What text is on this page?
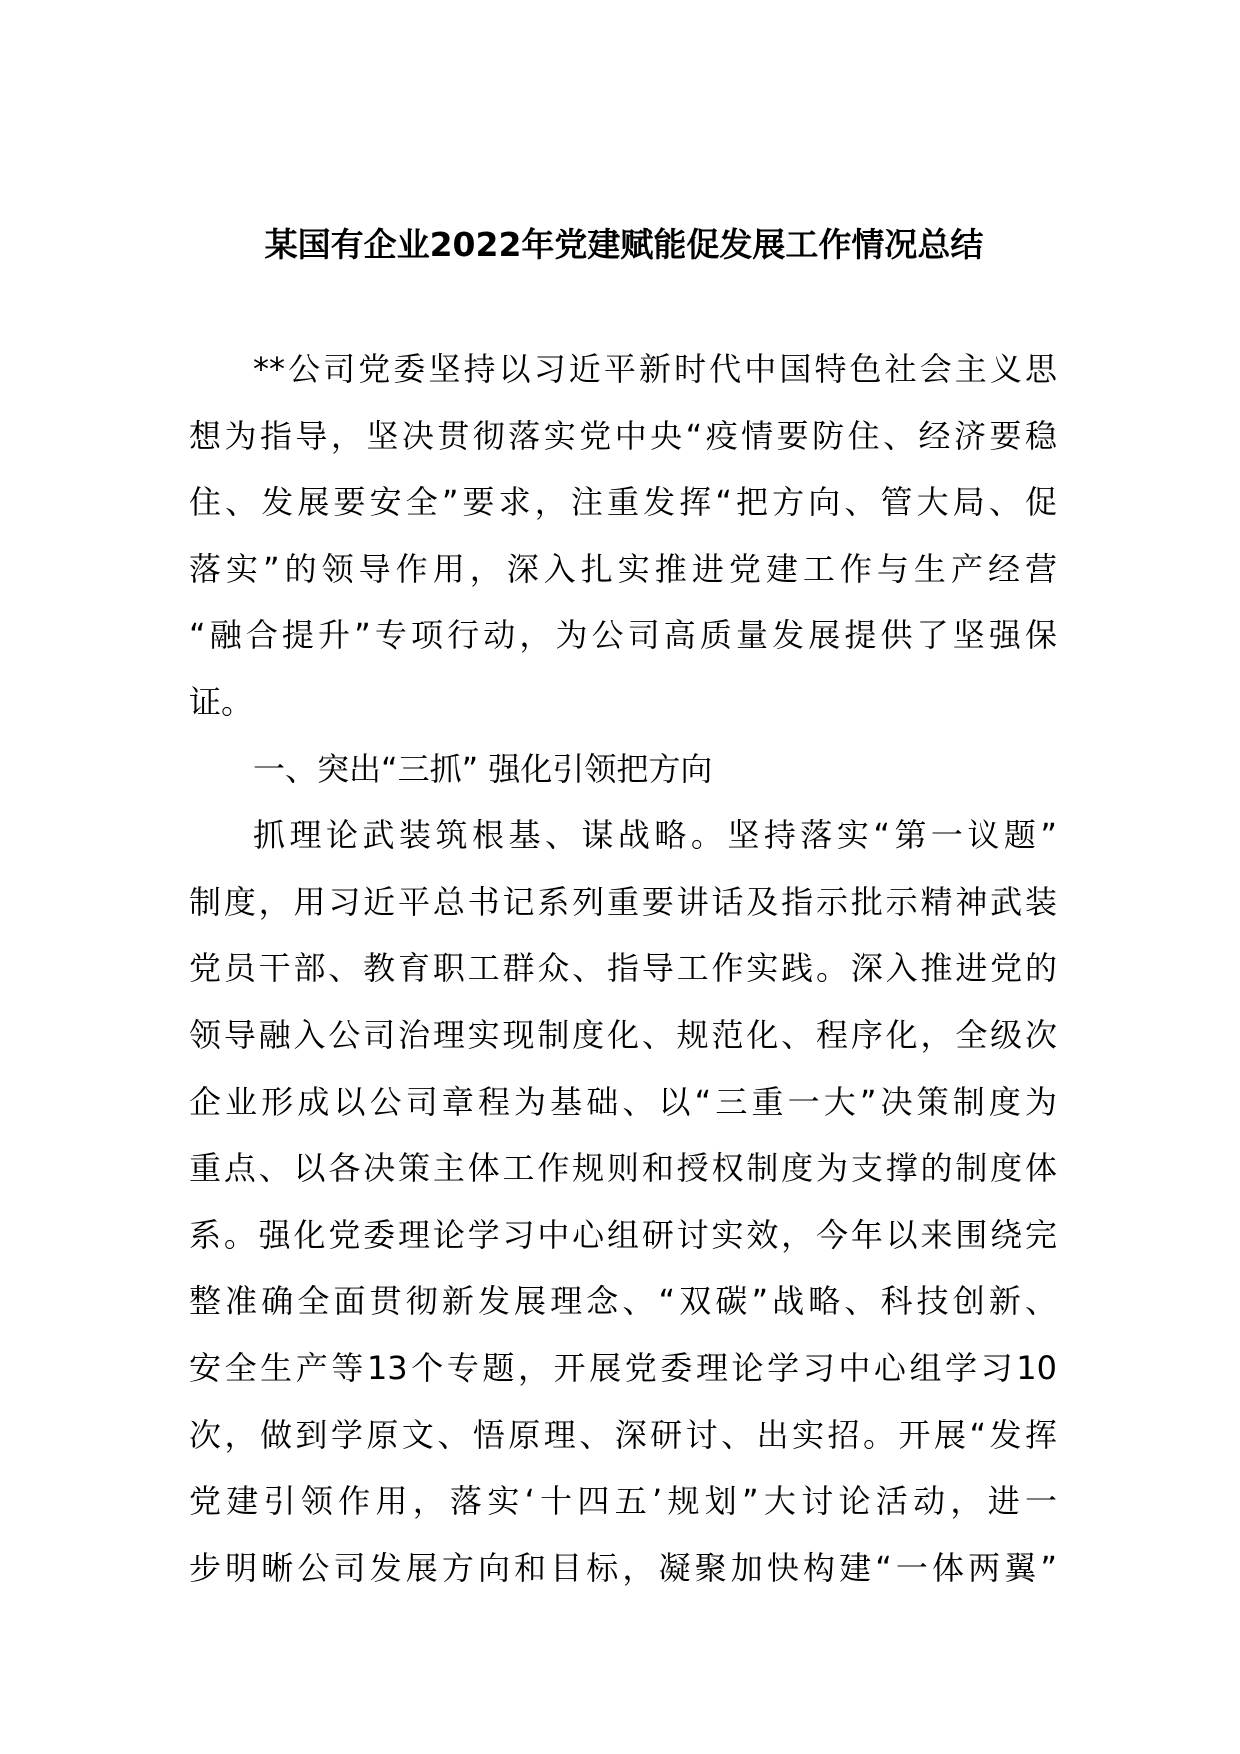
某国有企业2022年党建赋能促发展工作情况总结
**公司党委坚持以习近平新时代中国特色社会主义思
想为指导，坚决贯彻落实党中央“疫情要防住、经济要稳
住、发展要安全”要求，注重发挥“把方向、管大局、促
落实”的领导作用，深入扎实推进党建工作与生产经营
“融合提升”专项行动，为公司高质量发展提供了坚强保
证。
一、突出“三抓” 强化引领把方向
抓理论武装筑根基、谋战略。坚持落实“第一议题”
制度，用习近平总书记系列重要讲话及指示批示精神武装
党员干部、教育职工群众、指导工作实践。深入推进党的
领导融入公司治理实现制度化、规范化、程序化，全级次
企业形成以公司章程为基础、以“三重一大”决策制度为
重点、以各决策主体工作规则和授权制度为支撑的制度体
系。强化党委理论学习中心组研讨实效，今年以来围绕完
整准确全面贯彻新发展理念、“双碳”战略、科技创新、
安全生产等13个专题，开展党委理论学习中心组学习10
次，做到学原文、悟原理、深研讨、出实招。开展“发挥
党建引领作用，落实‘十四五’规划”大讨论活动，进一
步明晰公司发展方向和目标，凝聚加快构建“一体两翼”
